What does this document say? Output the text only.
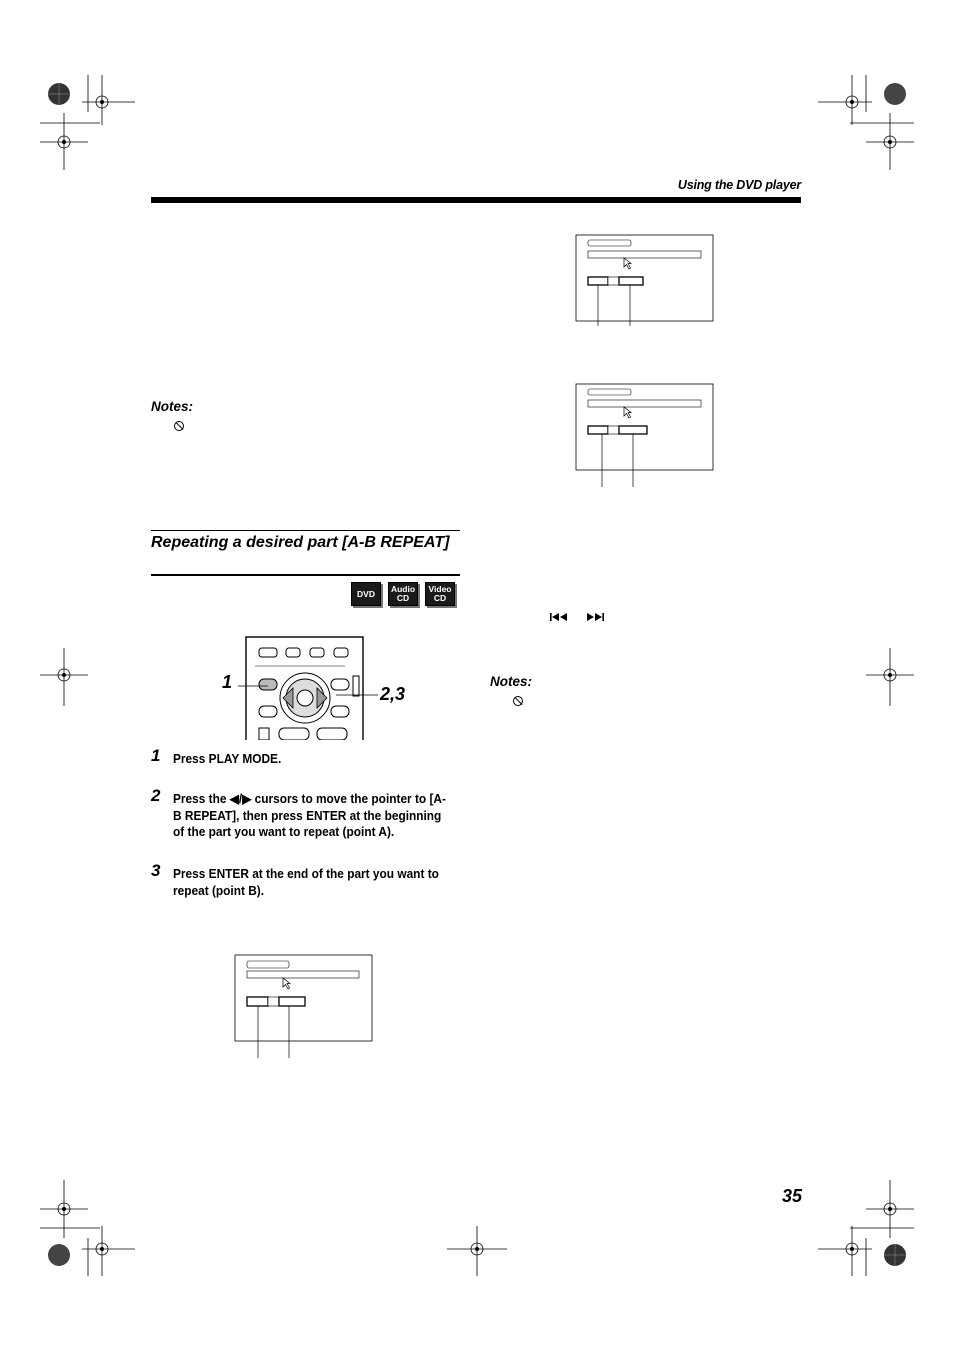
Using the DVD player
Notes:
Repeating a desired part [A-B REPEAT]
DVD Audio
CD
Video
CD
1
2,3
1 Press PLAY MODE.
2 Press the ◀/▶ cursors to move the pointer to [A-B REPEAT], then press ENTER at the beginning of the part you want to repeat (point A).
3 Press ENTER at the end of the part you want to repeat (point B).
Notes:
35
